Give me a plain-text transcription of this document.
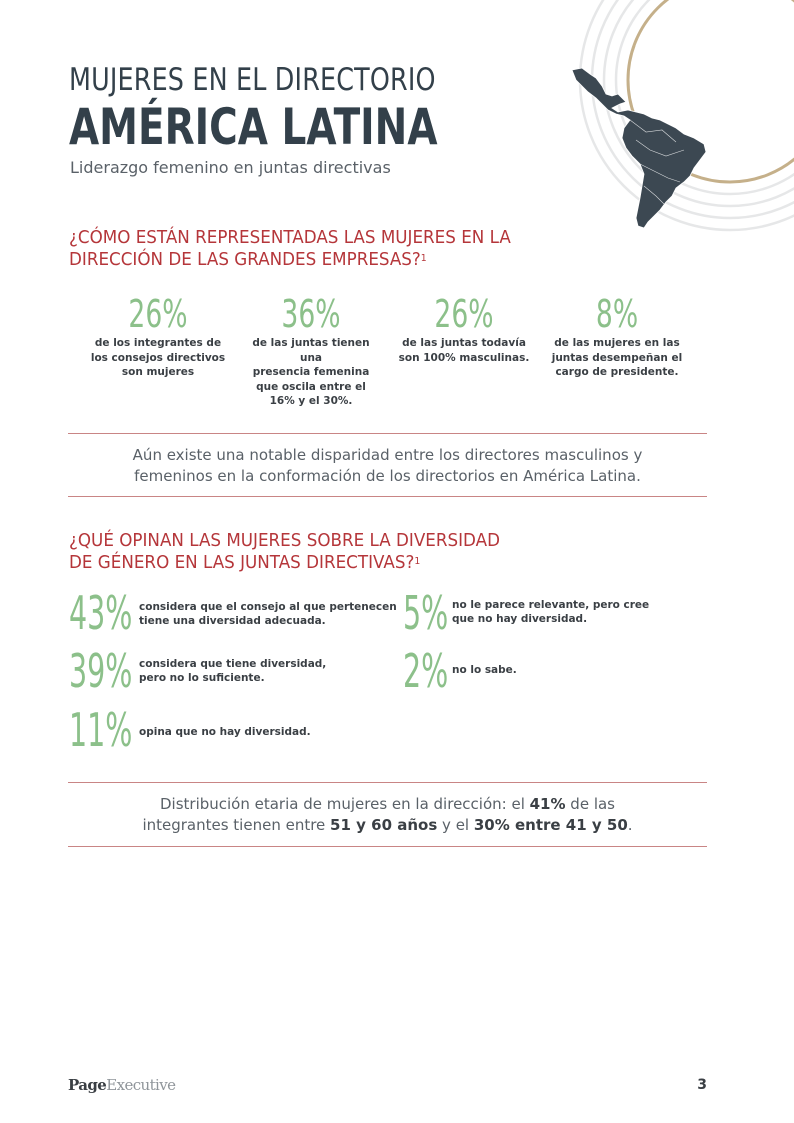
MUJERES EN EL DIRECTORIO
AMÉRICA LATINA
Liderazgo femenino en juntas directivas
¿CÓMO ESTÁN REPRESENTADAS LAS MUJERES EN LA
DIRECCIÓN DE LAS GRANDES EMPRESAS?$^1$
26%
de los integrantes de
los consejos directivos
son mujeres
36%
de las juntas tienen una
presencia femenina
que oscila entre el
16% y el 30%.
26%
de las juntas todavía
son 100% masculinas.
8%
de las mujeres en las
juntas desempeñan el
cargo de presidente.
Aún existe una notable disparidad entre los directores masculinos y
femeninos en la conformación de los directorios en América Latina.
¿QUÉ OPINAN LAS MUJERES SOBRE LA DIVERSIDAD
DE GÉNERO EN LAS JUNTAS DIRECTIVAS?$^1$
43% considera que el consejo al que pertenecen
tiene una diversidad adecuada.
39% considera que tiene diversidad,
pero no lo suficiente.
11% opina que no hay diversidad.
5% no le parece relevante, pero cree
que no hay diversidad.
2% no lo sabe.
Distribución etaria de mujeres en la dirección: el 41% de las
integrantes tienen entre 51 y 60 años y el 30% entre 41 y 50.
PageExecutive	3
